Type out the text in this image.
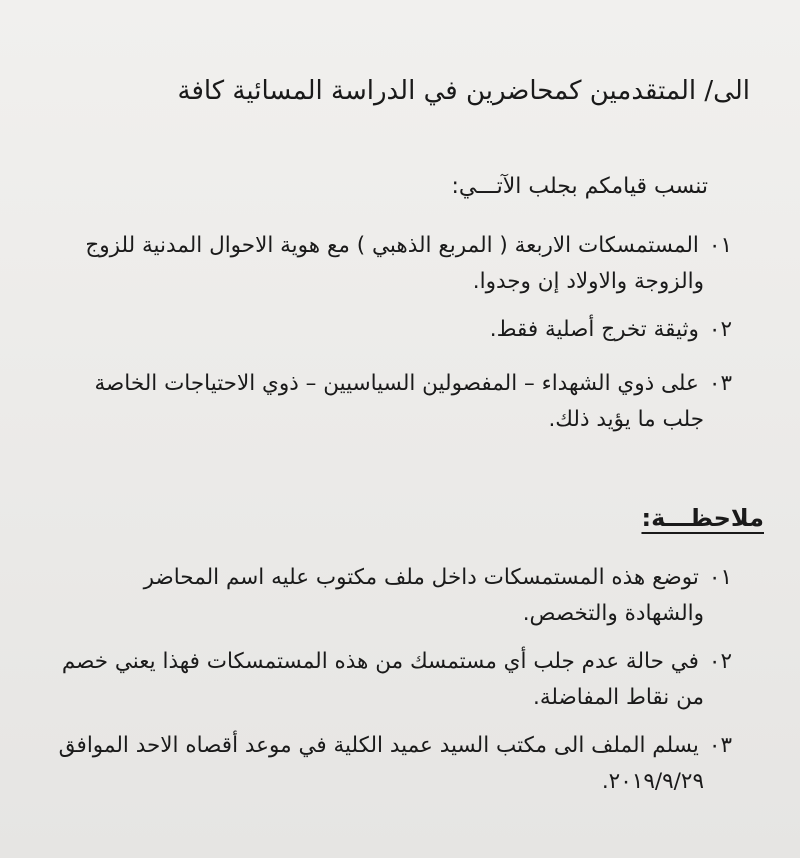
الى/ المتقدمين كمحاضرين في الدراسة المسائية كافة
تنسب قيامكم بجلب الآتـــي:
٠١المستمسكات الاربعة ( المربع الذهبي ) مع هوية الاحوال المدنية للزوج
والزوجة والاولاد إن وجدوا.
٠٢وثيقة تخرج أصلية فقط.
٠٣على ذوي الشهداء – المفصولين السياسيين – ذوي الاحتياجات الخاصة
جلب ما يؤيد ذلك.
ملاحظـــة:
٠١توضع هذه المستمسكات داخل ملف مكتوب عليه اسم المحاضر
والشهادة والتخصص.
٠٢في حالة عدم جلب أي مستمسك من هذه المستمسكات فهذا يعني خصم
من نقاط المفاضلة.
٠٣يسلم الملف الى مكتب السيد عميد الكلية في موعد أقصاه الاحد الموافق
٢٠١٩/٩/٢٩.
